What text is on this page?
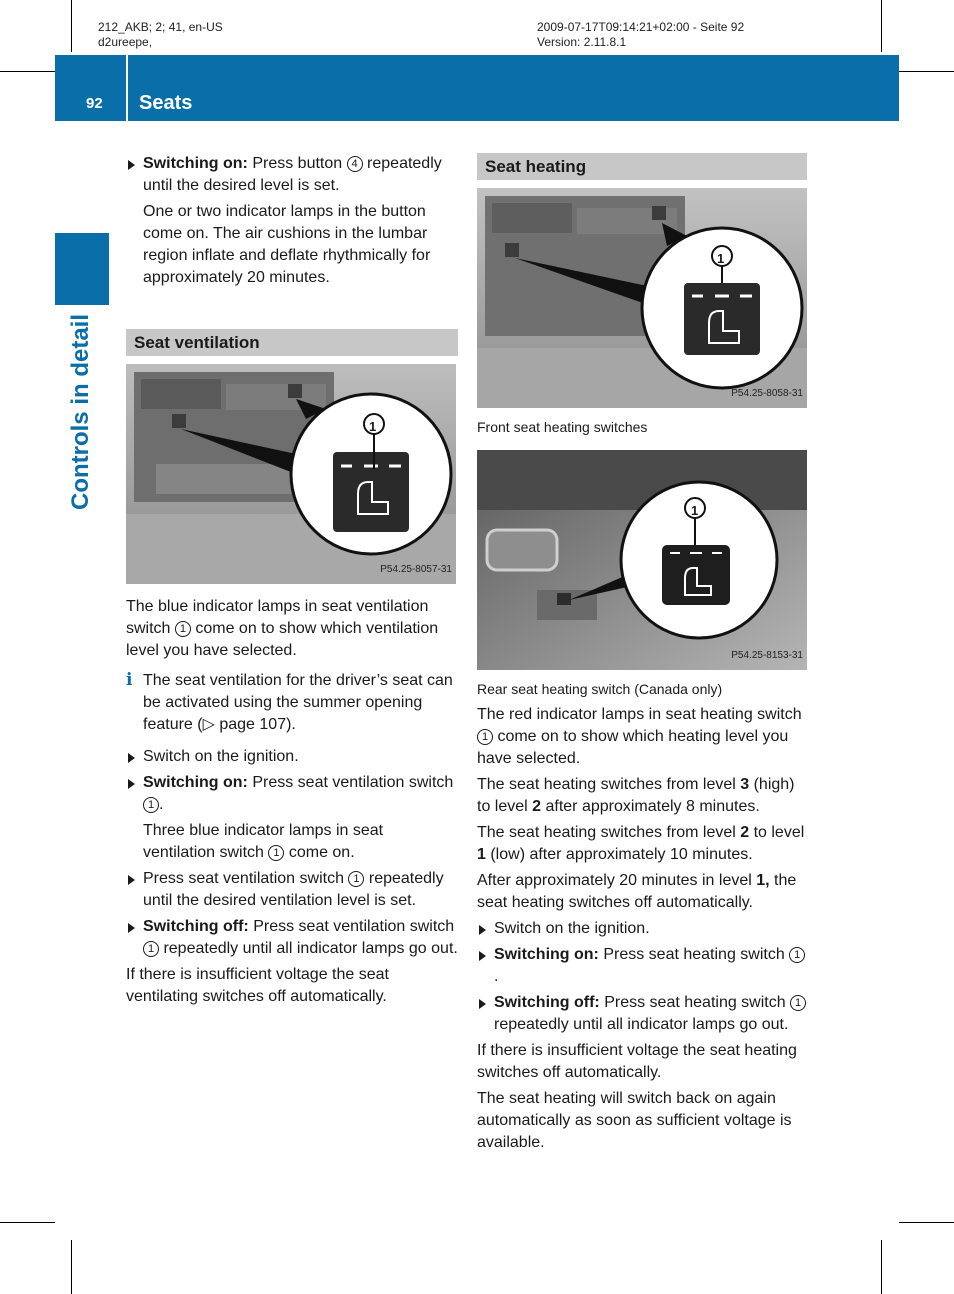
212_AKB; 2; 41, en-US
d2ureepe,
2009-07-17T09:14:21+02:00 - Seite 92
Version: 2.11.8.1
92 Seats
Controls in detail
Switching on: Press button 4 repeatedly until the desired level is set.
One or two indicator lamps in the button come on. The air cushions in the lumbar region inflate and deflate rhythmically for approximately 20 minutes.
Seat ventilation
1
P54.25-8057-31

The blue indicator lamps in seat ventilation switch 1 come on to show which ventilation level you have selected.

i The seat ventilation for the driver’s seat can be activated using the summer opening feature (▷ page 107).
Switch on the ignition.
Switching on: Press seat ventilation switch 1 .
Three blue indicator lamps in seat ventilation switch 1 come on.
Press seat ventilation switch 1 repeatedly until the desired ventilation level is set.
Switching off: Press seat ventilation switch 1 repeatedly until all indicator lamps go out.

If there is insufficient voltage the seat ventilating switches off automatically.

Seat heating
1
P54.25-8058-31
Front seat heating switches
1
P54.25-8153-31
Rear seat heating switch (Canada only)

The red indicator lamps in seat heating switch 1 come on to show which heating level you have selected.

The seat heating switches from level 3 (high) to level 2 after approximately 8 minutes.

The seat heating switches from level 2 to level 1 (low) after approximately 10 minutes.

After approximately 20 minutes in level 1, the seat heating switches off automatically.

Switch on the ignition.
Switching on: Press seat heating switch 1.
Switching off: Press seat heating switch 1 repeatedly until all indicator lamps go out.

If there is insufficient voltage the seat heating switches off automatically.

The seat heating will switch back on again automatically as soon as sufficient voltage is available.
